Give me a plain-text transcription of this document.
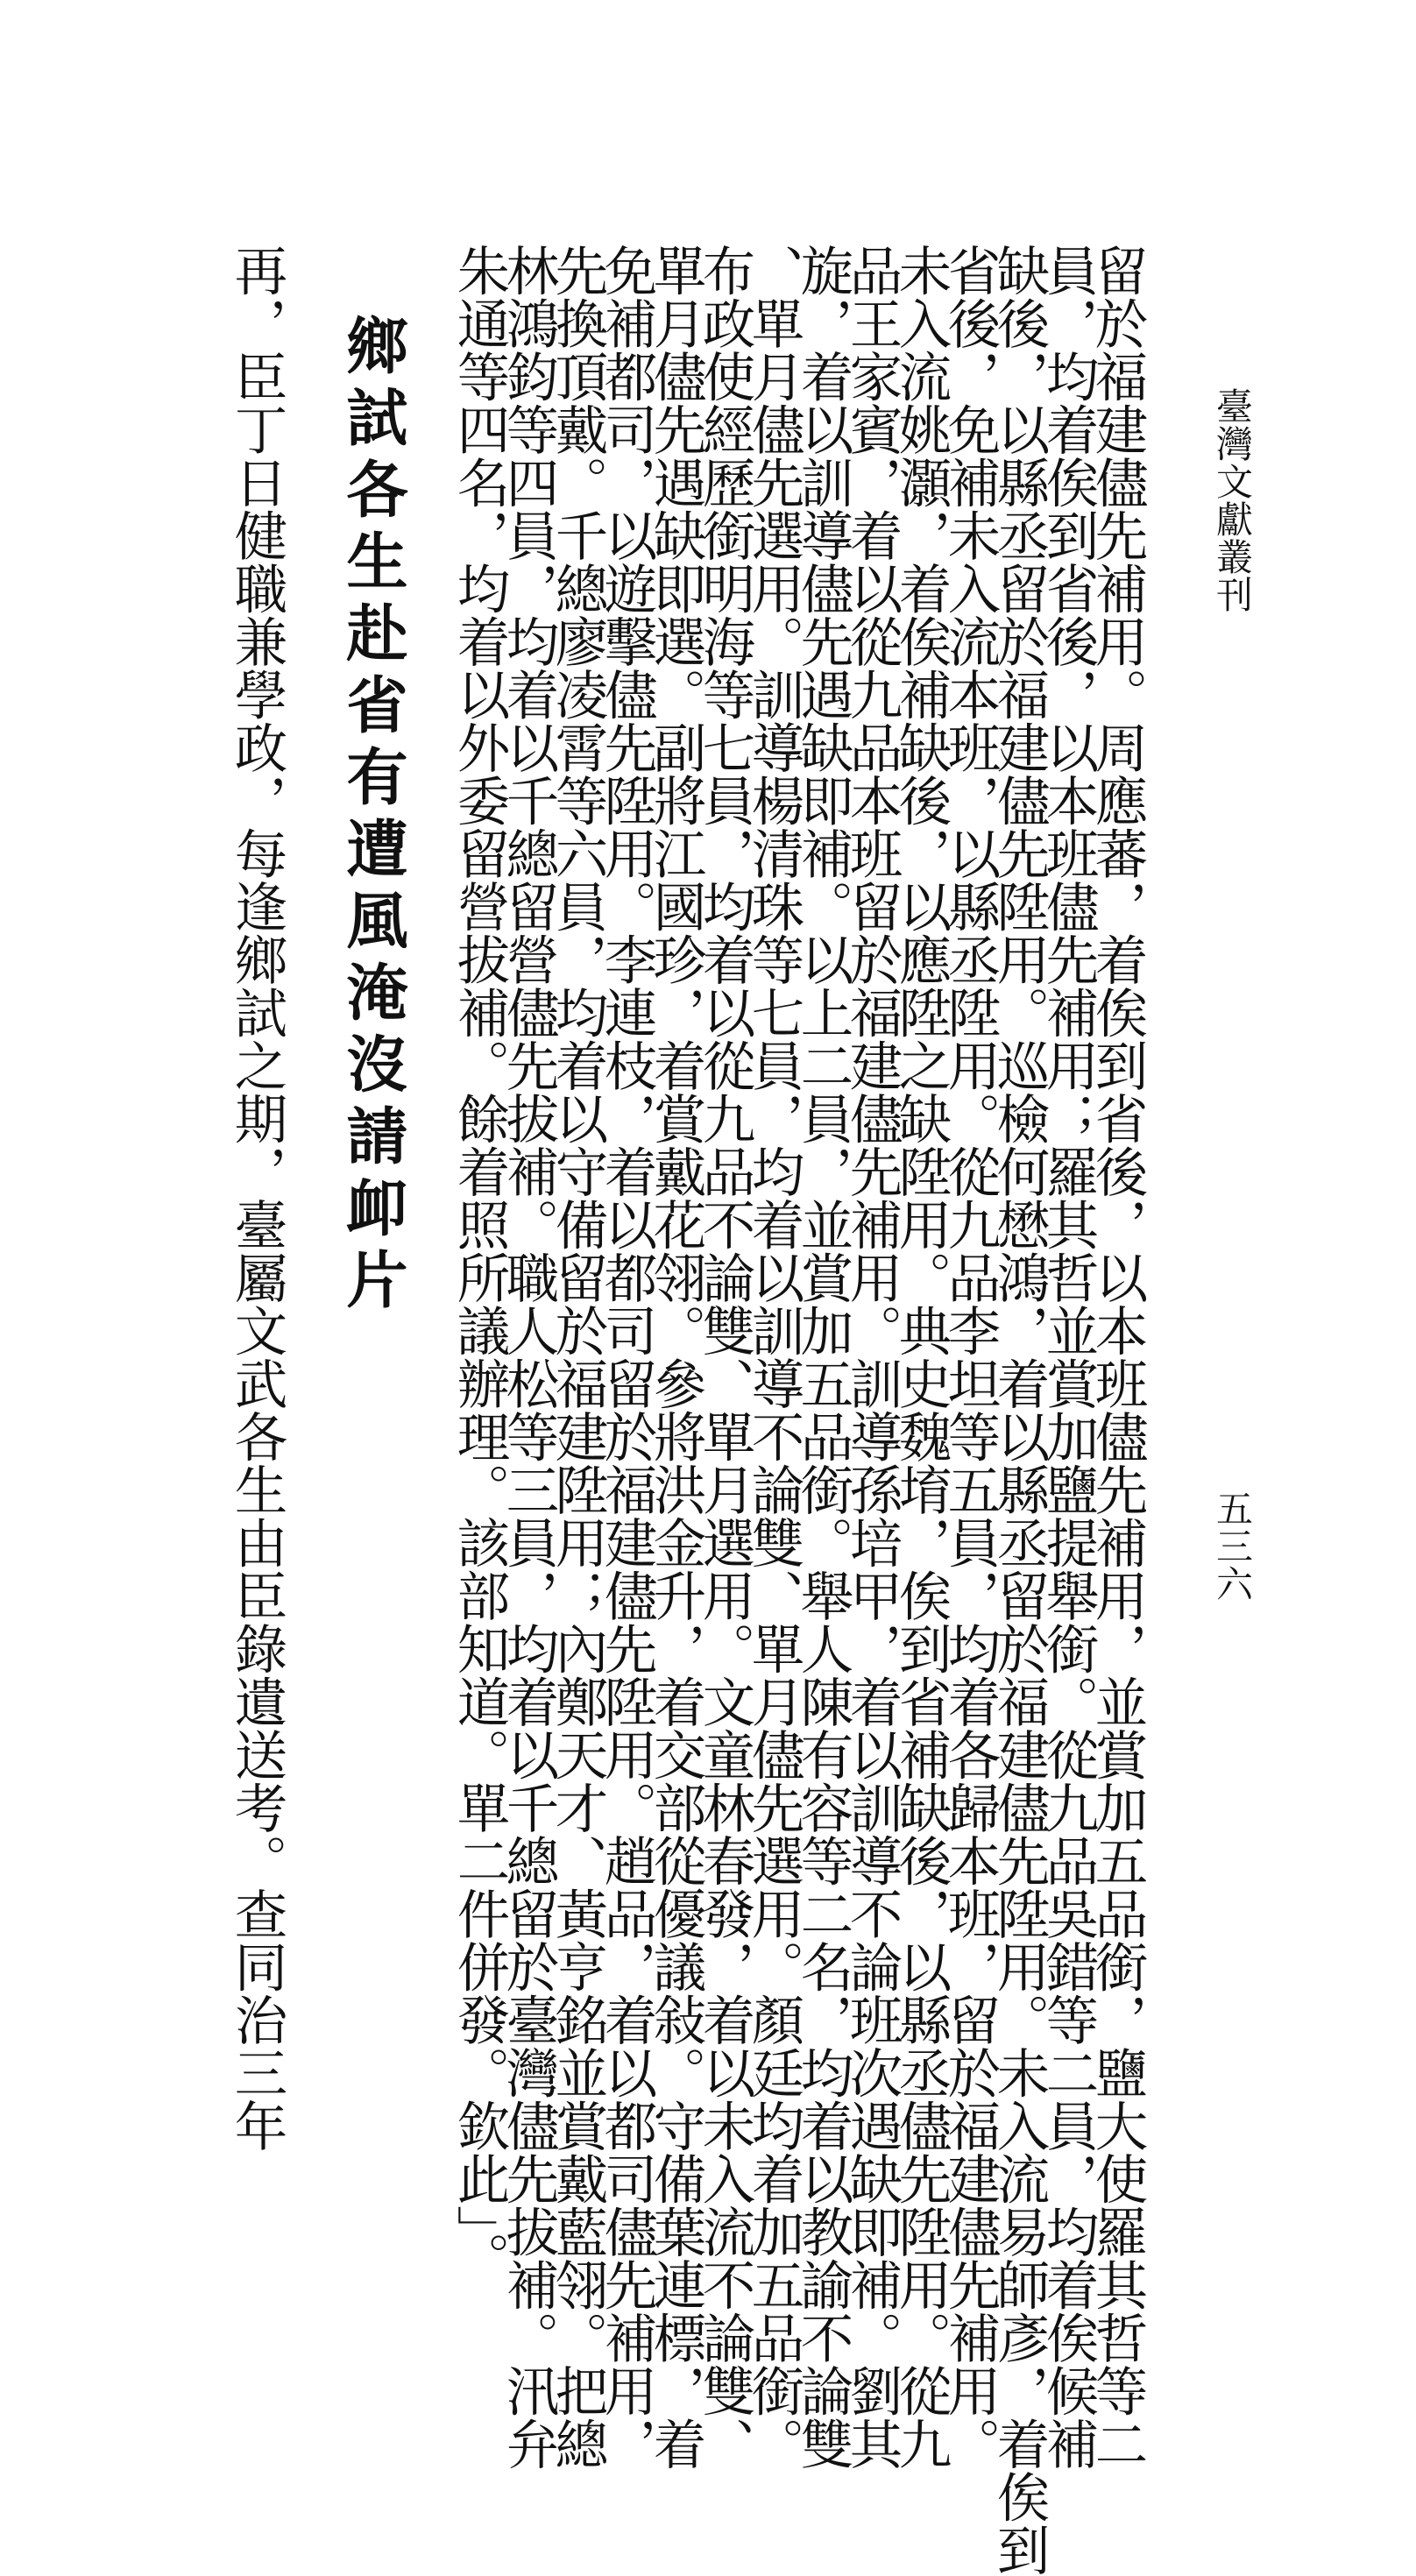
臺灣文獻叢刊
五三六
留於福建儘先補用。周應蕃，着俟到省後，以本班儘先補用，並賞加五品銜，鹽大使羅其哲等二
員，均着俟到省後，以本班儘先補用；羅其哲並賞加鹽提舉銜。從九品吳錯等二員，均着俟候補
缺後，以縣丞留於福建儘先陞用。巡檢何懋鴻，着以縣丞留於福建儘先陞用。未入流易師彥，着俟到
省後，免補未入流本班，以縣丞陞用。從九品李坦等五員，均着各歸本班，留於福建儘先補用。
未入流姚灝，着俟補缺後，以應陞之缺陞用。典史魏堉，俟到省補缺後，以縣丞儘先陞用。從九
品王家賓，着以從九品本班留於福建儘先補用。訓導孫培甲，着以訓導不論班次遇缺即補。劉其
旋，着以訓導儘先遇缺即補。以上二員，並賞加五品銜。舉人陳有容等二名，均着以教諭不論雙
、單月儘先選用。訓導楊清珠等七員，均着以訓導不論雙、單月儘先選用。顏廷均着加五品銜。
布政使經歷銜明海等七員，均着以從九品不論雙、單月選用。文童林春發，着以未入流不論雙、
單月儘先遇缺即選。副將江國珍，着賞戴花翎。參將洪金升，着交部從優議敍。守備葉連標，着
免補都司，以遊擊儘先陞用。李連枝，着以都司留於福建儘先陞用。趙品，着以都司儘先補用，
先換頂戴。千總廖凌霄等六員，均着以守備留於福建陞用；內鄭天才、黃亨銘並賞戴藍翎。把總
林鴻鈞等四員，均着以千總留營儘先拔補。職人松等三員，均着以千總留於臺灣儘先拔補。汛弁
朱通等四名，均着以外委留營拔補。餘着照所議辦理。該部知道。單二件併發。欽此」。
鄉試各生赴省有遭風淹沒請卹片
再，臣丁日健職兼學政，每逢鄉試之期，臺屬文武各生由臣錄遺送考。查同治三年
